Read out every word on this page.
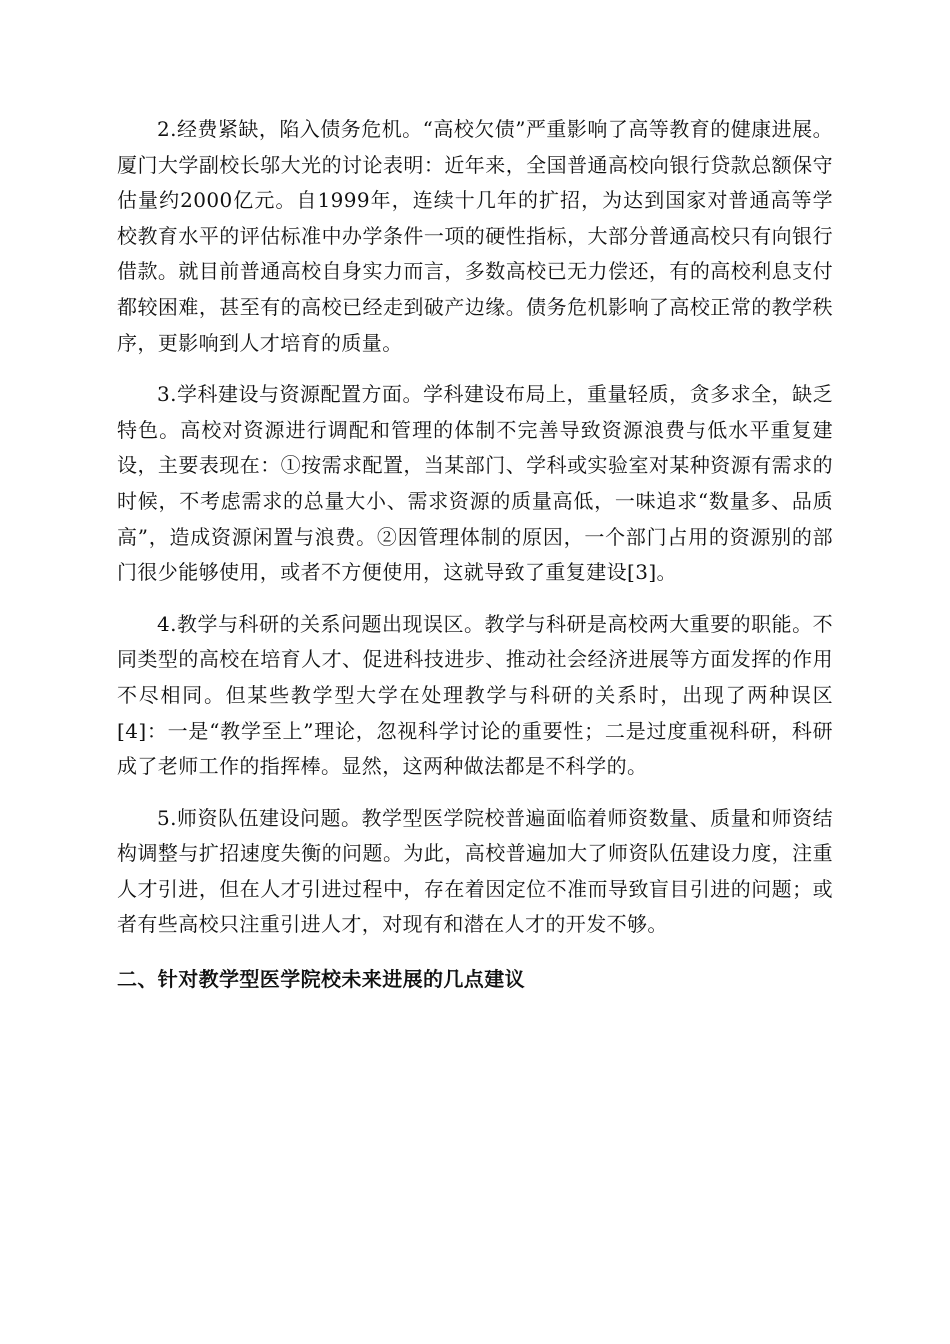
2.经费紧缺，陷入债务危机。“高校欠债”严重影响了高等教育的健康进展。厦门大学副校长邬大光的讨论表明：近年来，全国普通高校向银行贷款总额保守估量约2000亿元。自1999年，连续十几年的扩招，为达到国家对普通高等学校教育水平的评估标准中办学条件一项的硬性指标，大部分普通高校只有向银行借款。就目前普通高校自身实力而言，多数高校已无力偿还，有的高校利息支付都较困难，甚至有的高校已经走到破产边缘。债务危机影响了高校正常的教学秩序，更影响到人才培育的质量。

3.学科建设与资源配置方面。学科建设布局上，重量轻质，贪多求全，缺乏特色。高校对资源进行调配和管理的体制不完善导致资源浪费与低水平重复建设，主要表现在：①按需求配置，当某部门、学科或实验室对某种资源有需求的时候，不考虑需求的总量大小、需求资源的质量高低，一味追求“数量多、品质高”，造成资源闲置与浪费。②因管理体制的原因，一个部门占用的资源别的部门很少能够使用，或者不方便使用，这就导致了重复建设[3]。

4.教学与科研的关系问题出现误区。教学与科研是高校两大重要的职能。不同类型的高校在培育人才、促进科技进步、推动社会经济进展等方面发挥的作用不尽相同。但某些教学型大学在处理教学与科研的关系时，出现了两种误区[4]：一是“教学至上”理论，忽视科学讨论的重要性；二是过度重视科研，科研成了老师工作的指挥棒。显然，这两种做法都是不科学的。

5.师资队伍建设问题。教学型医学院校普遍面临着师资数量、质量和师资结构调整与扩招速度失衡的问题。为此，高校普遍加大了师资队伍建设力度，注重人才引进，但在人才引进过程中，存在着因定位不准而导致盲目引进的问题；或者有些高校只注重引进人才，对现有和潜在人才的开发不够。

二、针对教学型医学院校未来进展的几点建议
